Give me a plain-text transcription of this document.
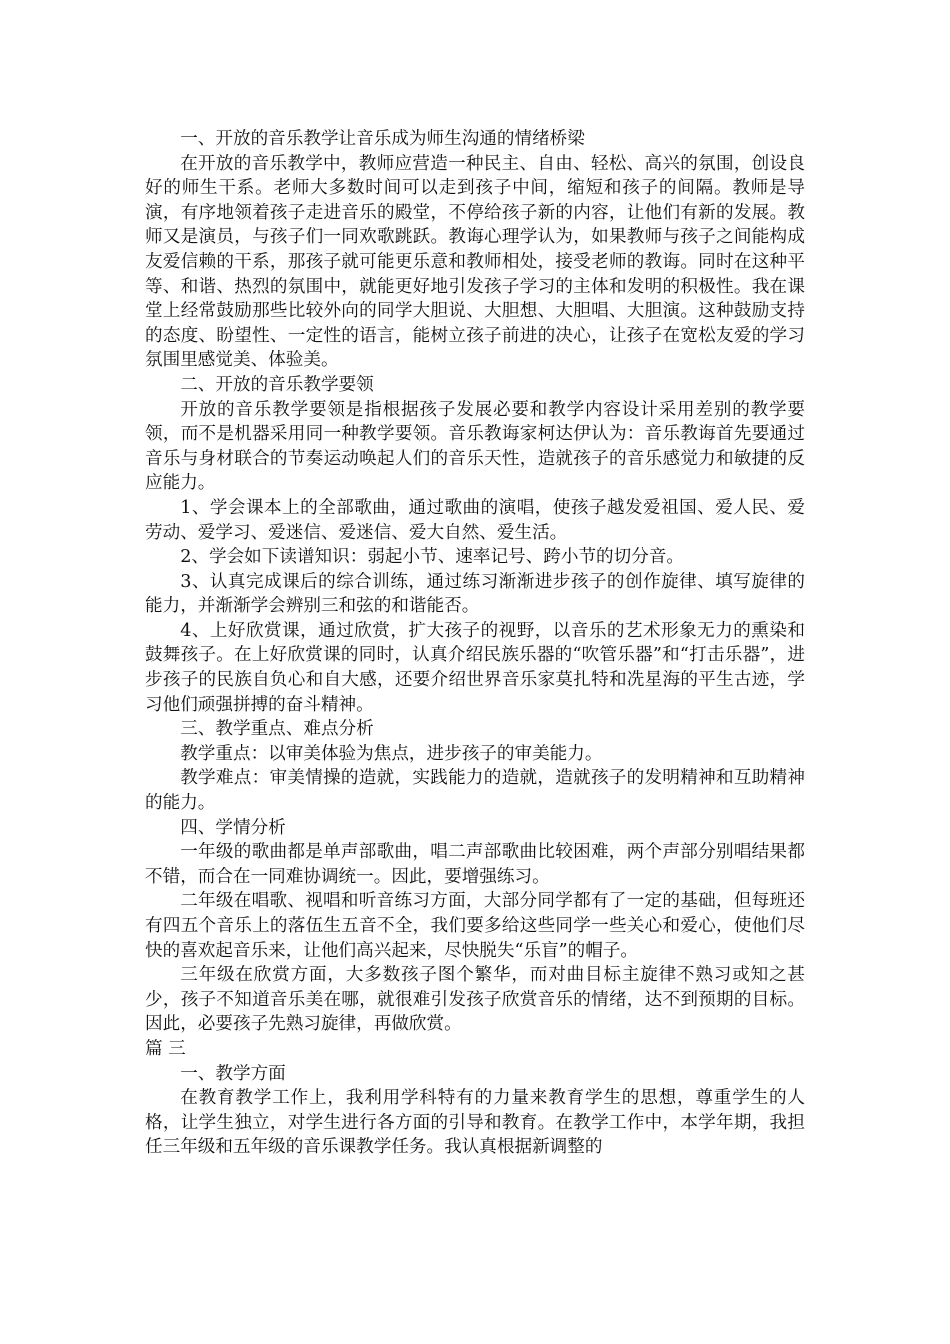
一、开放的音乐教学让音乐成为师生沟通的情绪桥梁

在开放的音乐教学中，教师应营造一种民主、自由、轻松、高兴的氛围，创设良好的师生干系。老师大多数时间可以走到孩子中间，缩短和孩子的间隔。教师是导演，有序地领着孩子走进音乐的殿堂，不停给孩子新的内容，让他们有新的发展。教师又是演员，与孩子们一同欢歌跳跃。教诲心理学认为，如果教师与孩子之间能构成友爱信赖的干系，那孩子就可能更乐意和教师相处，接受老师的教诲。同时在这种平等、和谐、热烈的氛围中，就能更好地引发孩子学习的主体和发明的积极性。我在课堂上经常鼓励那些比较外向的同学大胆说、大胆想、大胆唱、大胆演。这种鼓励支持的态度、盼望性、一定性的语言，能树立孩子前进的决心，让孩子在宽松友爱的学习氛围里感觉美、体验美。

二、开放的音乐教学要领

开放的音乐教学要领是指根据孩子发展必要和教学内容设计采用差别的教学要领，而不是机器采用同一种教学要领。音乐教诲家柯达伊认为：音乐教诲首先要通过音乐与身材联合的节奏运动唤起人们的音乐天性，造就孩子的音乐感觉力和敏捷的反应能力。

1、学会课本上的全部歌曲，通过歌曲的演唱，使孩子越发爱祖国、爱人民、爱劳动、爱学习、爱迷信、爱迷信、爱大自然、爱生活。

2、学会如下读谱知识：弱起小节、速率记号、跨小节的切分音。

3、认真完成课后的综合训练，通过练习渐渐进步孩子的创作旋律、填写旋律的能力，并渐渐学会辨别三和弦的和谐能否。

4、上好欣赏课，通过欣赏，扩大孩子的视野，以音乐的艺术形象无力的熏染和鼓舞孩子。在上好欣赏课的同时，认真介绍民族乐器的“吹管乐器”和“打击乐器”，进步孩子的民族自负心和自大感，还要介绍世界音乐家莫扎特和冼星海的平生古迹，学习他们顽强拼搏的奋斗精神。

三、教学重点、难点分析

教学重点：以审美体验为焦点，进步孩子的审美能力。

教学难点：审美情操的造就，实践能力的造就，造就孩子的发明精神和互助精神的能力。

四、学情分析

一年级的歌曲都是单声部歌曲，唱二声部歌曲比较困难，两个声部分别唱结果都不错，而合在一同难协调统一。因此，要增强练习。

二年级在唱歌、视唱和听音练习方面，大部分同学都有了一定的基础，但每班还有四五个音乐上的落伍生五音不全，我们要多给这些同学一些关心和爱心，使他们尽快的喜欢起音乐来，让他们高兴起来，尽快脱失“乐盲”的帽子。

三年级在欣赏方面，大多数孩子图个繁华，而对曲目标主旋律不熟习或知之甚少，孩子不知道音乐美在哪，就很难引发孩子欣赏音乐的情绪，达不到预期的目标。因此，必要孩子先熟习旋律，再做欣赏。

篇 三

一、教学方面

在教育教学工作上，我利用学科特有的力量来教育学生的思想，尊重学生的人格，让学生独立，对学生进行各方面的引导和教育。在教学工作中，本学年期，我担任三年级和五年级的音乐课教学任务。我认真根据新调整的
